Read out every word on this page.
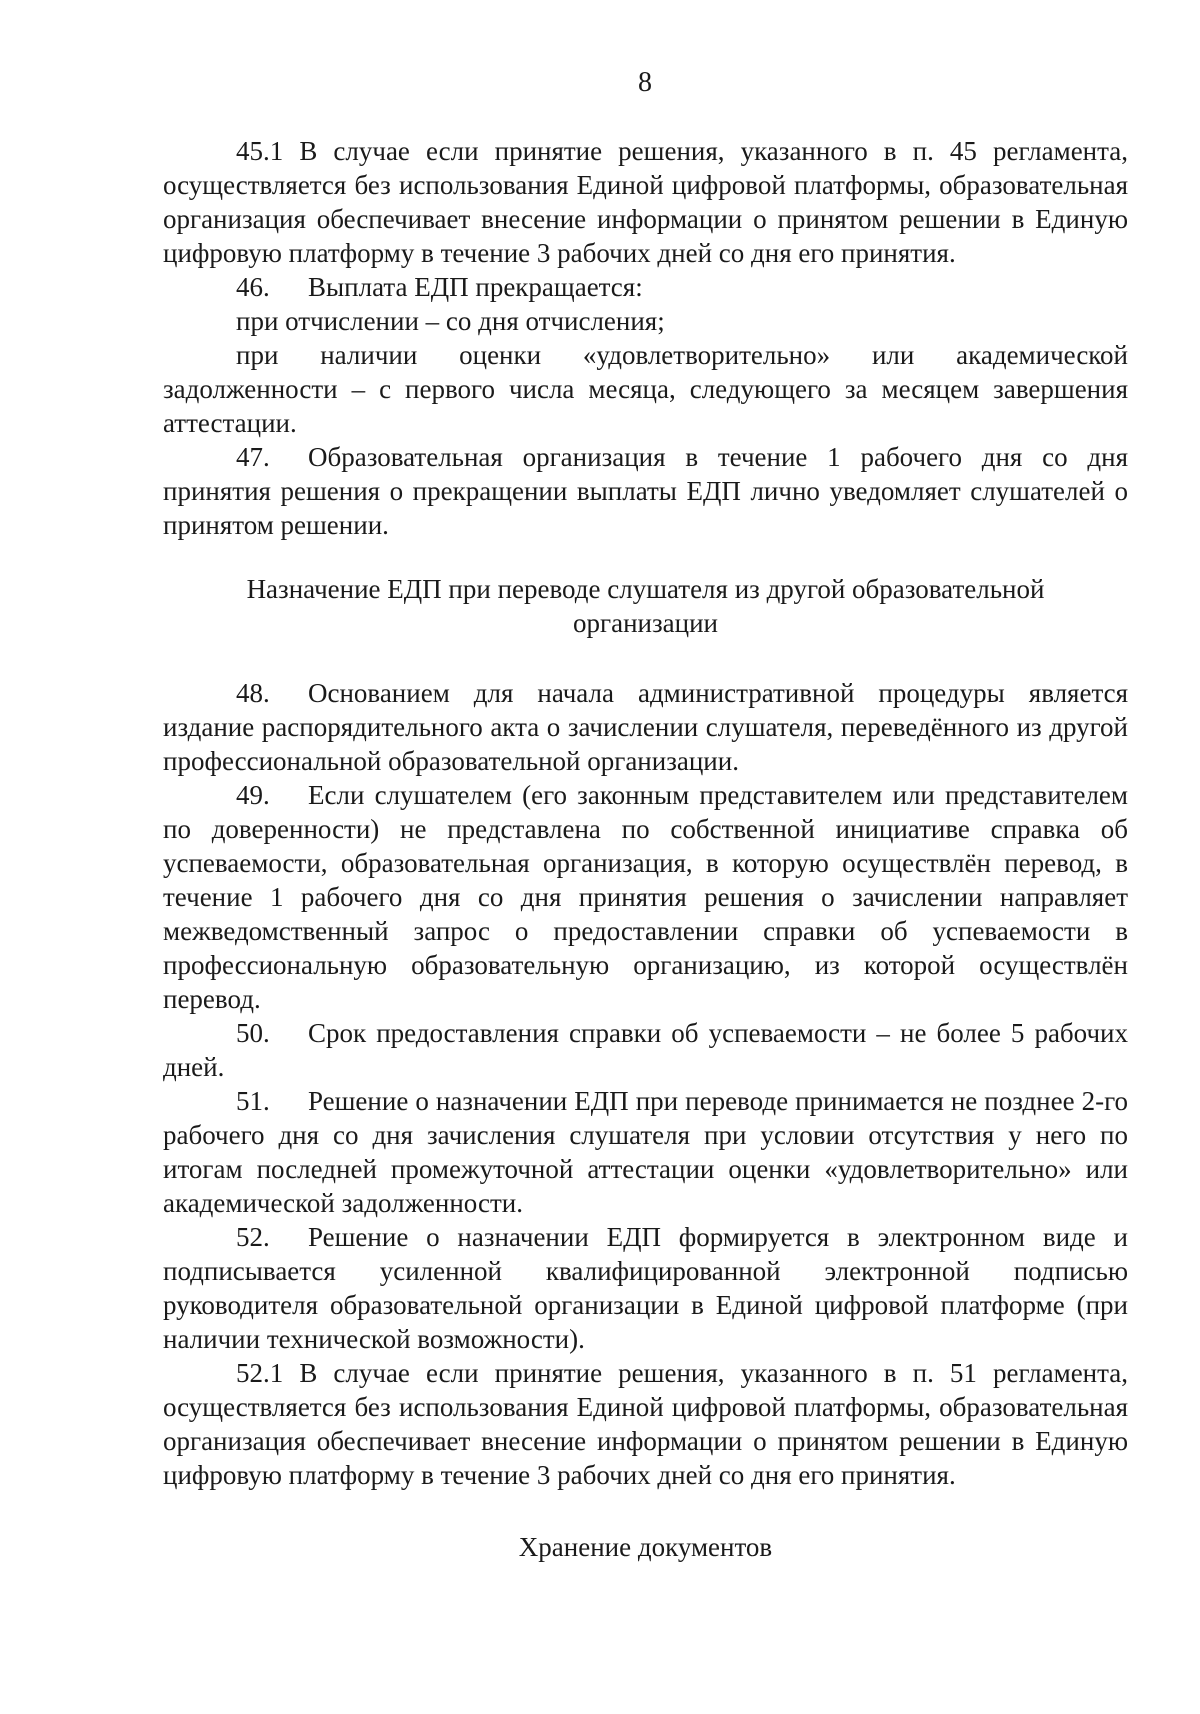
8

45.1 В случае если принятие решения, указанного в п. 45 регламента, осуществляется без использования Единой цифровой платформы, образовательная организация обеспечивает внесение информации о принятом решении в Единую цифровую платформу в течение 3 рабочих дней со дня его принятия.

46. Выплата ЕДП прекращается:

при отчислении – со дня отчисления;

при наличии оценки «удовлетворительно» или академической задолженности – с первого числа месяца, следующего за месяцем завершения аттестации.

47. Образовательная организация в течение 1 рабочего дня со дня принятия решения о прекращении выплаты ЕДП лично уведомляет слушателей о принятом решении.

Назначение ЕДП при переводе слушателя из другой образовательной
организации

48. Основанием для начала административной процедуры является издание распорядительного акта о зачислении слушателя, переведённого из другой профессиональной образовательной организации.

49. Если слушателем (его законным представителем или представителем по доверенности) не представлена по собственной инициативе справка об успеваемости, образовательная организация, в которую осуществлён перевод, в течение 1 рабочего дня со дня принятия решения о зачислении направляет межведомственный запрос о предоставлении справки об успеваемости в профессиональную образовательную организацию, из которой осуществлён перевод.

50. Срок предоставления справки об успеваемости – не более 5 рабочих дней.

51. Решение о назначении ЕДП при переводе принимается не позднее 2-го рабочего дня со дня зачисления слушателя при условии отсутствия у него по итогам последней промежуточной аттестации оценки «удовлетворительно» или академической задолженности.

52. Решение о назначении ЕДП формируется в электронном виде и подписывается усиленной квалифицированной электронной подписью руководителя образовательной организации в Единой цифровой платформе (при наличии технической возможности).

52.1 В случае если принятие решения, указанного в п. 51 регламента, осуществляется без использования Единой цифровой платформы, образовательная организация обеспечивает внесение информации о принятом решении в Единую цифровую платформу в течение 3 рабочих дней со дня его принятия.

Хранение документов
